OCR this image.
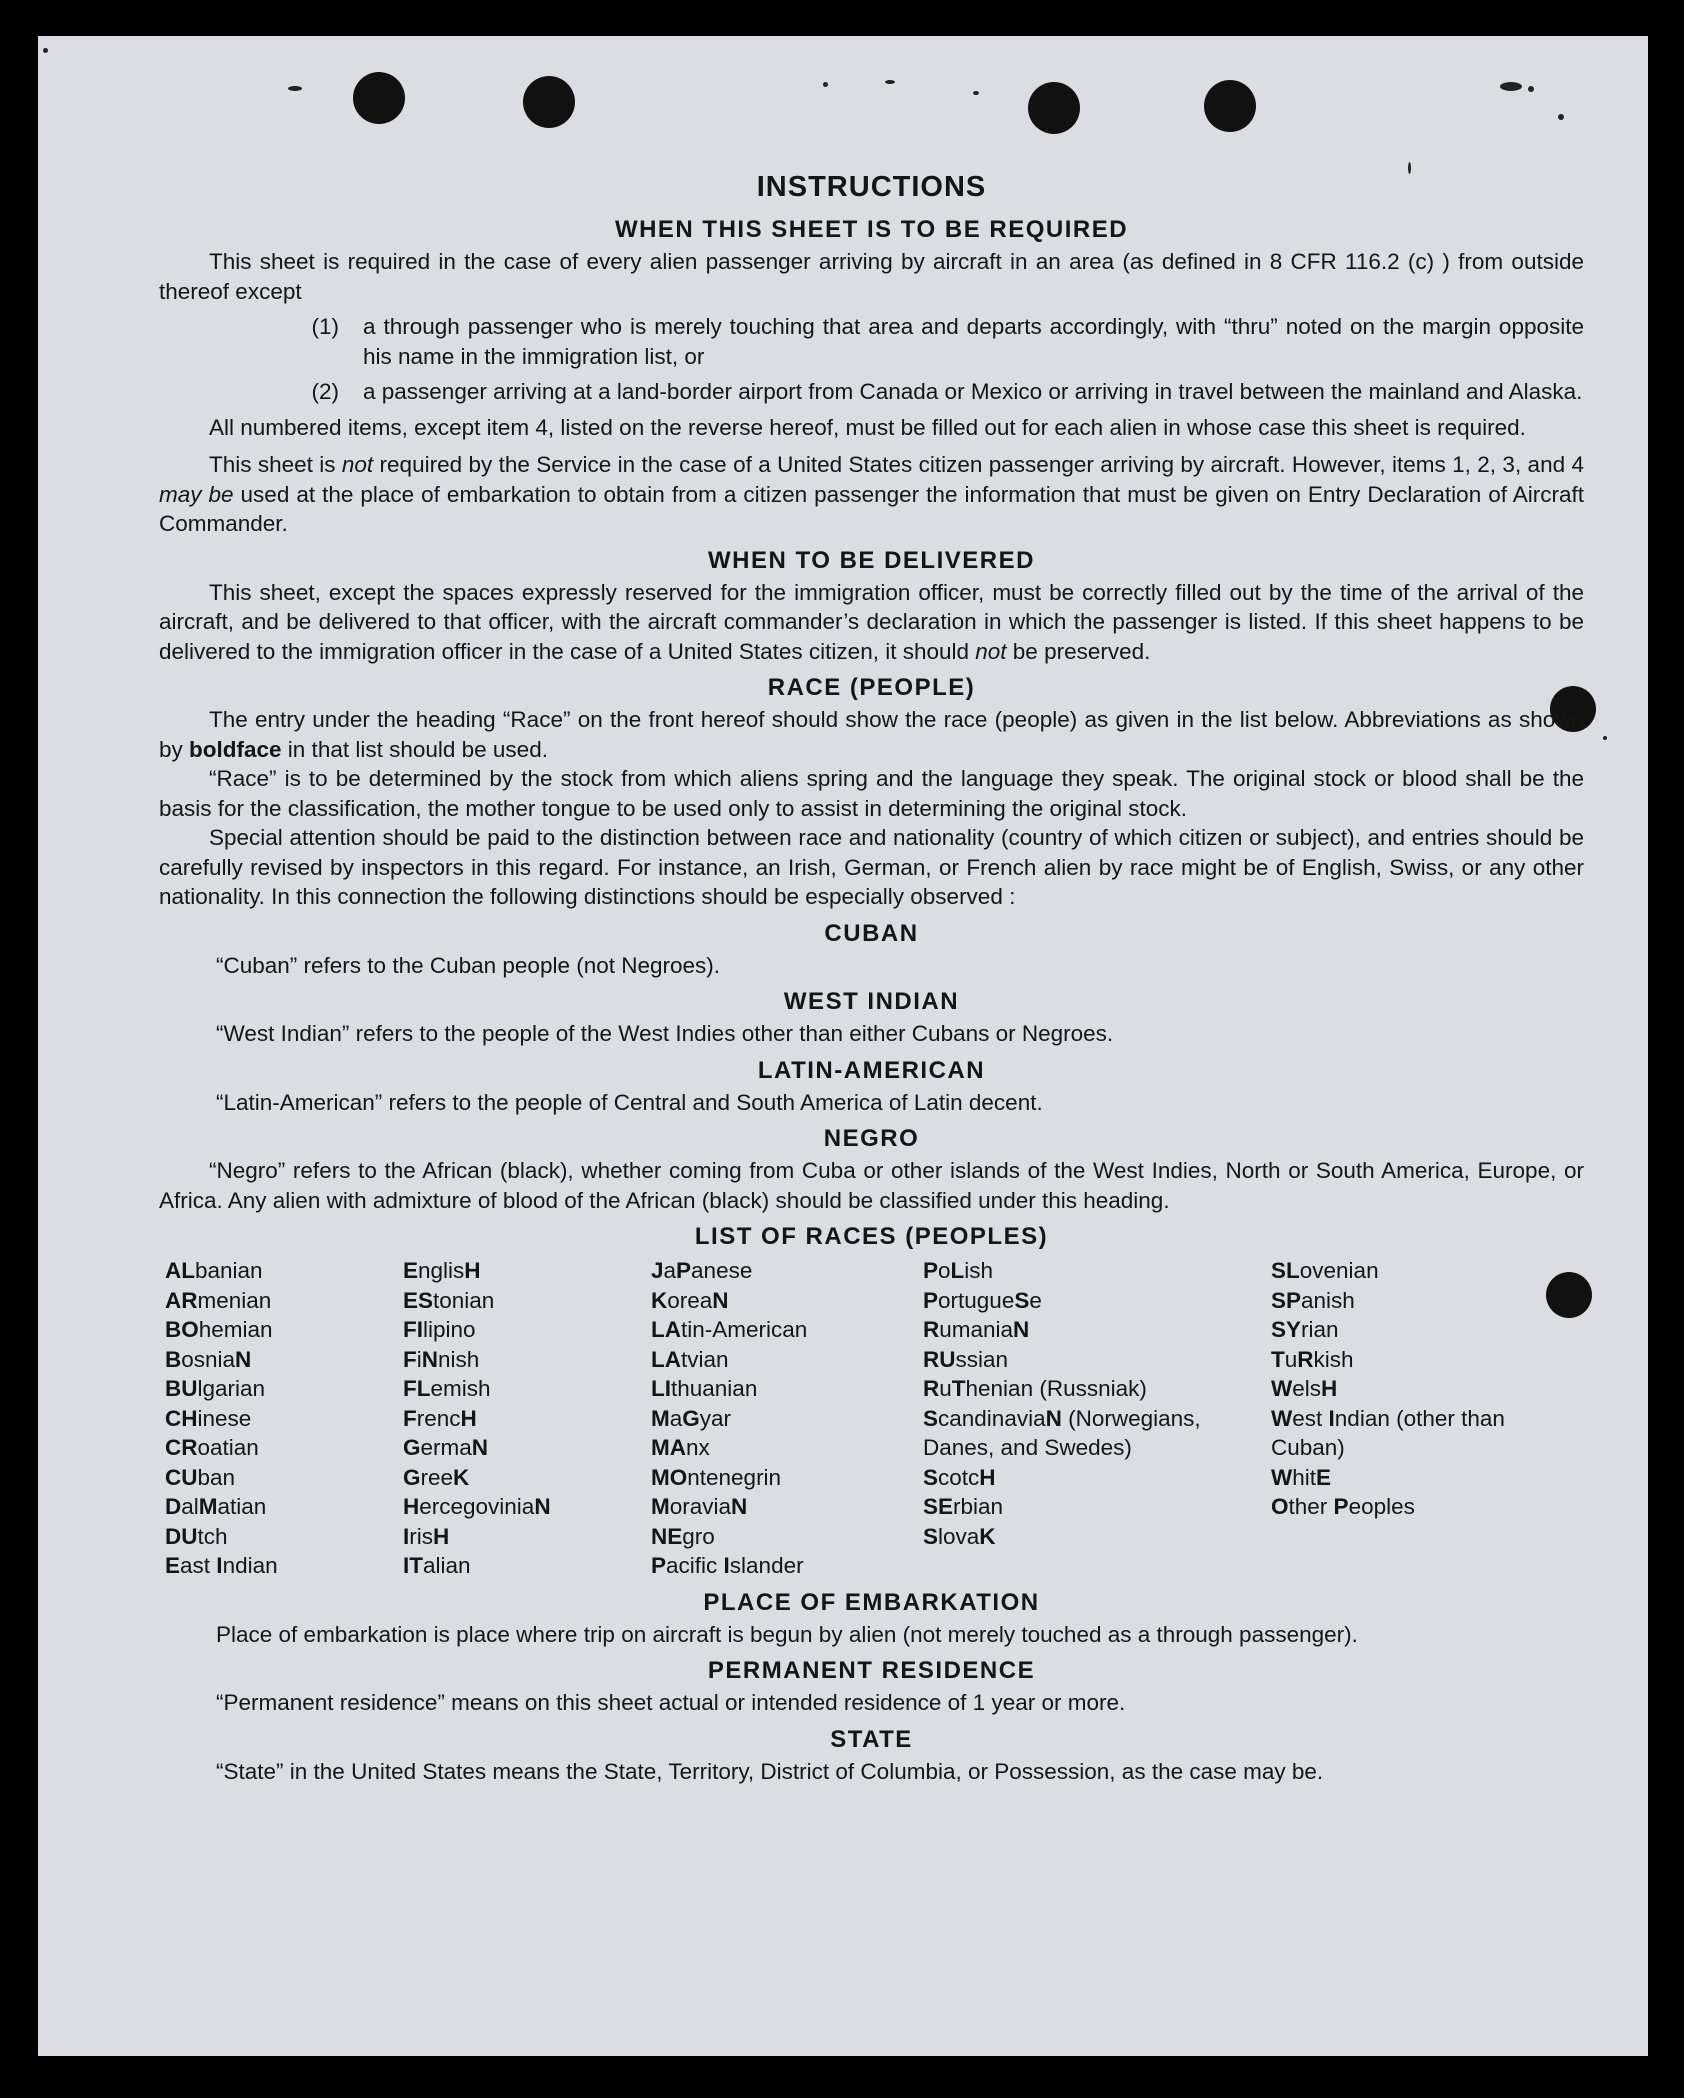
INSTRUCTIONS
WHEN THIS SHEET IS TO BE REQUIRED

This sheet is required in the case of every alien passenger arriving by aircraft in an area (as defined in 8 CFR 116.2 (c) ) from outside thereof except

(1)	a through passenger who is merely touching that area and departs accordingly, with “thru” noted on the margin opposite his name in the immigration list, or
(2)	a passenger arriving at a land-border airport from Canada or Mexico or arriving in travel between the mainland and Alaska.

All numbered items, except item 4, listed on the reverse hereof, must be filled out for each alien in whose case this sheet is required.

This sheet is not required by the Service in the case of a United States citizen passenger arriving by aircraft. However, items 1, 2, 3, and 4 may be used at the place of embarkation to obtain from a citizen passenger the information that must be given on Entry Declaration of Aircraft Commander.

WHEN TO BE DELIVERED

This sheet, except the spaces expressly reserved for the immigration officer, must be correctly filled out by the time of the arrival of the aircraft, and be delivered to that officer, with the aircraft commander’s declaration in which the passenger is listed. If this sheet happens to be delivered to the immigration officer in the case of a United States citizen, it should not be preserved.

RACE (PEOPLE)

The entry under the heading “Race” on the front hereof should show the race (people) as given in the list below. Abbreviations as shown by boldface in that list should be used.

“Race” is to be determined by the stock from which aliens spring and the language they speak. The original stock or blood shall be the basis for the classification, the mother tongue to be used only to assist in determining the original stock.

Special attention should be paid to the distinction between race and nationality (country of which citizen or subject), and entries should be carefully revised by inspectors in this regard. For instance, an Irish, German, or French alien by race might be of English, Swiss, or any other nationality. In this connection the following distinctions should be especially observed :

CUBAN

“Cuban” refers to the Cuban people (not Negroes).

WEST INDIAN

“West Indian” refers to the people of the West Indies other than either Cubans or Negroes.

LATIN-AMERICAN

“Latin-American” refers to the people of Central and South America of Latin decent.

NEGRO

“Negro” refers to the African (black), whether coming from Cuba or other islands of the West Indies, North or South America, Europe, or Africa. Any alien with admixture of blood of the African (black) should be classified under this heading.

LIST OF RACES (PEOPLES)
ALbanian
ARmenian
BOhemian
BosniaN
BUlgarian
CHinese
CRoatian
CUban
DalMatian
DUtch
East Indian
EnglisH
EStonian
FIlipino
FiNnish
FLemish
FrencH
GermaN
GreeK
HercegoviniaN
IrisH
ITalian
JaPanese
KoreaN
LAtin-American
LAtvian
LIthuanian
MaGyar
MAnx
MOntenegrin
MoraviaN
NEgro
Pacific Islander
PoLish
PortugueSe
RumaniaN
RUssian
RuThenian (Russniak)
ScandinaviaN (Norwegians, Danes, and Swedes)
ScotcH
SErbian
SlovaK
SLovenian
SPanish
SYrian
TuRkish
WelsH
West Indian (other than Cuban)
WhitE
Other Peoples
PLACE OF EMBARKATION

Place of embarkation is place where trip on aircraft is begun by alien (not merely touched as a through passenger).

PERMANENT RESIDENCE

“Permanent residence” means on this sheet actual or intended residence of 1 year or more.

STATE

“State” in the United States means the State, Territory, District of Columbia, or Possession, as the case may be.
